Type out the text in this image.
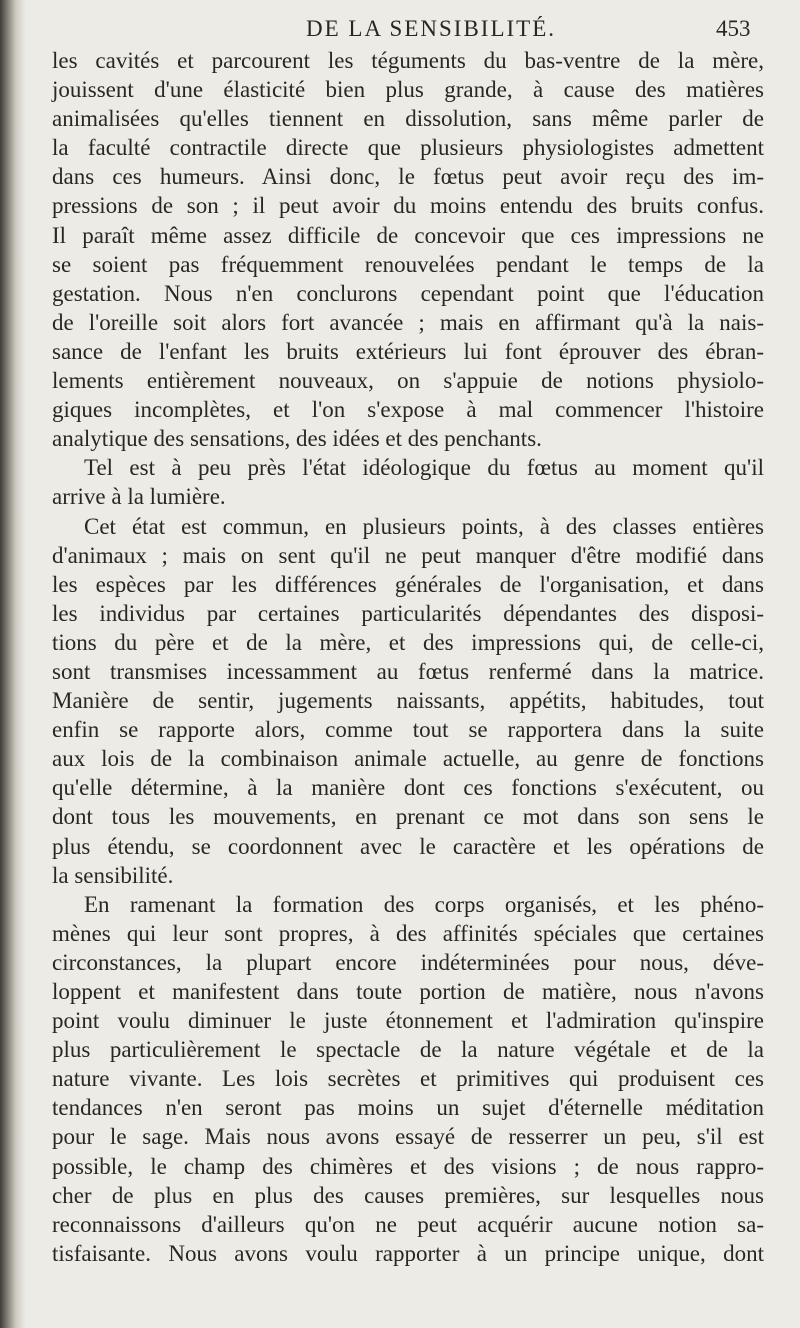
DE LA SENSIBILITÉ.	453
les cavités et parcourent les téguments du bas-ventre de la mère,
jouissent d'une élasticité bien plus grande, à cause des matières
animalisées qu'elles tiennent en dissolution, sans même parler de
la faculté contractile directe que plusieurs physiologistes admettent
dans ces humeurs. Ainsi donc, le fœtus peut avoir reçu des im-
pressions de son ; il peut avoir du moins entendu des bruits confus.
Il paraît même assez difficile de concevoir que ces impressions ne
se soient pas fréquemment renouvelées pendant le temps de la
gestation. Nous n'en conclurons cependant point que l'éducation
de l'oreille soit alors fort avancée ; mais en affirmant qu'à la nais-
sance de l'enfant les bruits extérieurs lui font éprouver des ébran-
lements entièrement nouveaux, on s'appuie de notions physiolo-
giques incomplètes, et l'on s'expose à mal commencer l'histoire
analytique des sensations, des idées et des penchants.
Tel est à peu près l'état idéologique du fœtus au moment qu'il
arrive à la lumière.
Cet état est commun, en plusieurs points, à des classes entières
d'animaux ; mais on sent qu'il ne peut manquer d'être modifié dans
les espèces par les différences générales de l'organisation, et dans
les individus par certaines particularités dépendantes des disposi-
tions du père et de la mère, et des impressions qui, de celle-ci,
sont transmises incessamment au fœtus renfermé dans la matrice.
Manière de sentir, jugements naissants, appétits, habitudes, tout
enfin se rapporte alors, comme tout se rapportera dans la suite
aux lois de la combinaison animale actuelle, au genre de fonctions
qu'elle détermine, à la manière dont ces fonctions s'exécutent, ou
dont tous les mouvements, en prenant ce mot dans son sens le
plus étendu, se coordonnent avec le caractère et les opérations de
la sensibilité.
En ramenant la formation des corps organisés, et les phéno-
mènes qui leur sont propres, à des affinités spéciales que certaines
circonstances, la plupart encore indéterminées pour nous, déve-
loppent et manifestent dans toute portion de matière, nous n'avons
point voulu diminuer le juste étonnement et l'admiration qu'inspire
plus particulièrement le spectacle de la nature végétale et de la
nature vivante. Les lois secrètes et primitives qui produisent ces
tendances n'en seront pas moins un sujet d'éternelle méditation
pour le sage. Mais nous avons essayé de resserrer un peu, s'il est
possible, le champ des chimères et des visions ; de nous rappro-
cher de plus en plus des causes premières, sur lesquelles nous
reconnaissons d'ailleurs qu'on ne peut acquérir aucune notion sa-
tisfaisante. Nous avons voulu rapporter à un principe unique, dont
